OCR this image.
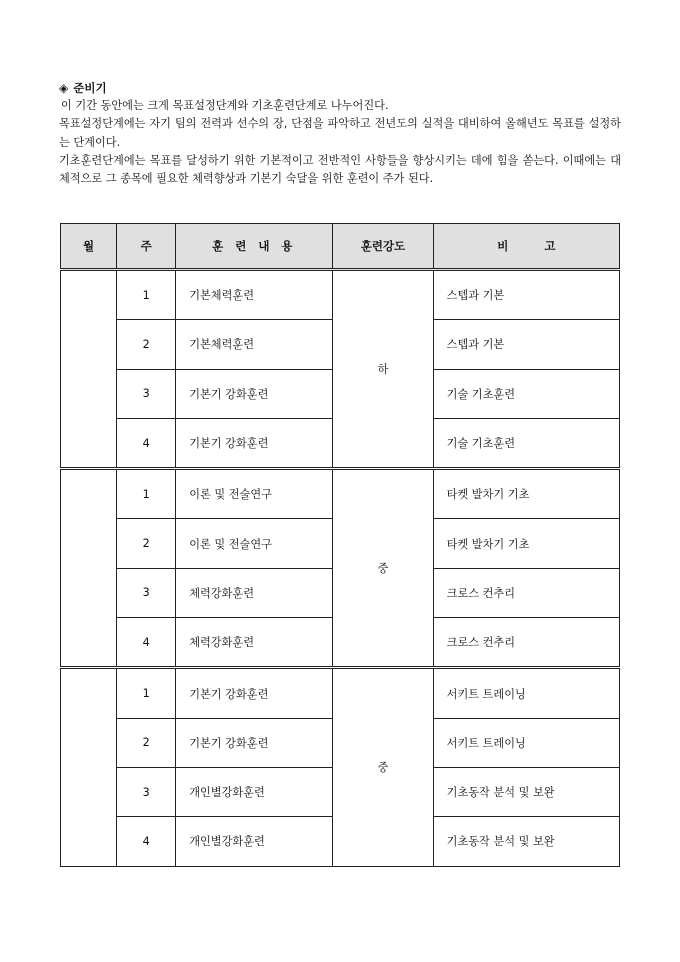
◈ 준비기

이 기간 동안에는 크게 목표설정단계와 기초훈련단계로 나누어진다.

목표설정단계에는 자기 팀의 전력과 선수의 장, 단점을 파악하고 전년도의 실적을 대비하여 올해년도 목표를 설정하는 단계이다.

기초훈련단계에는 목표를 달성하기 위한 기본적이고 전반적인 사항들을 향상시키는 데에 힘을 쏟는다. 이때에는 대체적으로 그 종목에 필요한 체력향상과 기본기 숙달을 위한 훈련이 주가 된다.

월	주	훈 련 내 용	훈련강도	비 고
	1	기본체력훈련	하	스텝과 기본
	2	기본체력훈련		스텝과 기본
	3	기본기 강화훈련		기술 기초훈련
	4	기본기 강화훈련		기술 기초훈련
	1	이론 및 전술연구	중	타켓 발차기 기초
	2	이론 및 전술연구		타켓 발차기 기초
	3	체력강화훈련		크로스 컨추리
	4	체력강화훈련		크로스 컨추리
	1	기본기 강화훈련	중	서키트 트레이닝
	2	기본기 강화훈련		서키트 트레이닝
	3	개인별강화훈련		기초동작 분석 및 보완
	4	개인별강화훈련		기초동작 분석 및 보완
